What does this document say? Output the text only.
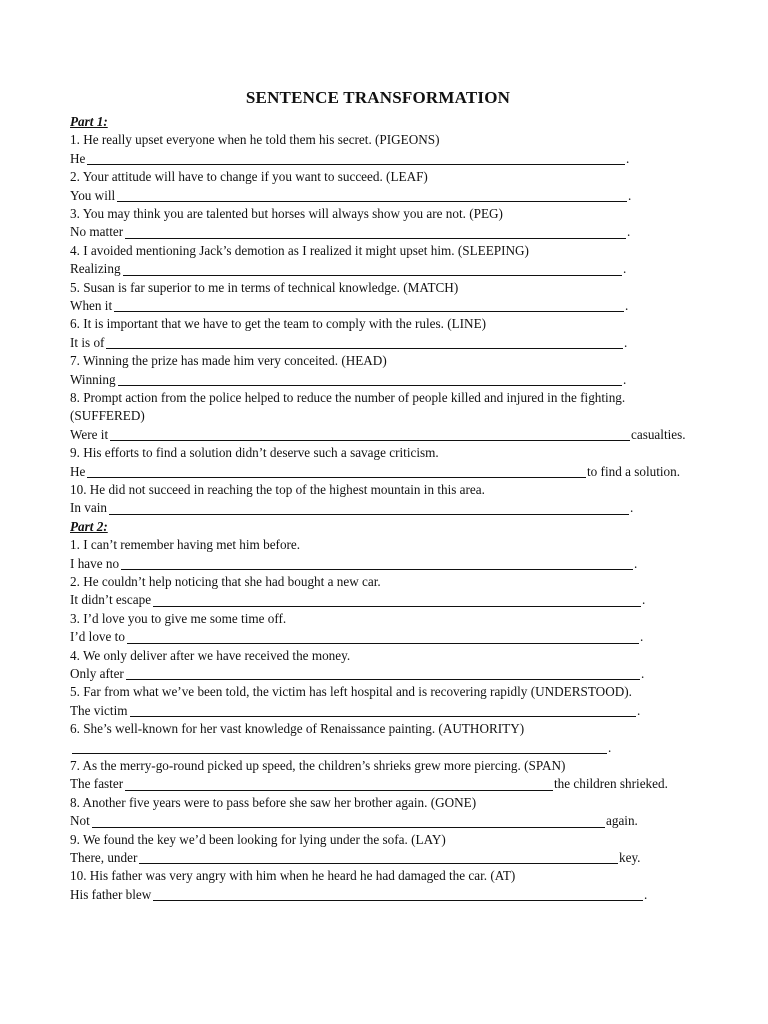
SENTENCE TRANSFORMATION
Part 1:
1. He really upset everyone when he told them his secret. (PIGEONS)
He	.
2. Your attitude will have to change if you want to succeed. (LEAF)
You will	.
3. You may think you are talented but horses will always show you are not. (PEG)
No matter	.
4. I avoided mentioning Jack’s demotion as I realized it might upset him. (SLEEPING)
Realizing	.
5. Susan is far superior to me in terms of technical knowledge. (MATCH)
When it	.
6. It is important that we have to get the team to comply with the rules. (LINE)
It is of	.
7. Winning the prize has made him very conceited. (HEAD)
Winning	.
8. Prompt action from the police helped to reduce the number of people killed and injured in the fighting. (SUFFERED)
Were it	casualties.
9. His efforts to find a solution didn’t deserve such a savage criticism.
He	to find a solution.
10. He did not succeed in reaching the top of the highest mountain in this area.
In vain	.
Part 2:
1. I can’t remember having met him before.
I have no	.
2. He couldn’t help noticing that she had bought a new car.
It didn’t escape	.
3. I’d love you to give me some time off.
I’d love to	.
4. We only deliver after we have received the money.
Only after	.
5. Far from what we’ve been told, the victim has left hospital and is recovering rapidly (UNDERSTOOD).
The victim	.
6. She’s well-known for her vast knowledge of Renaissance painting. (AUTHORITY)
.
7. As the merry-go-round picked up speed, the children’s shrieks grew more piercing. (SPAN)
The faster	the children shrieked.
8. Another five years were to pass before she saw her brother again. (GONE)
Not	again.
9. We found the key we’d been looking for lying under the sofa. (LAY)
There, under	key.
10. His father was very angry with him when he heard he had damaged the car. (AT)
His father blew	.
